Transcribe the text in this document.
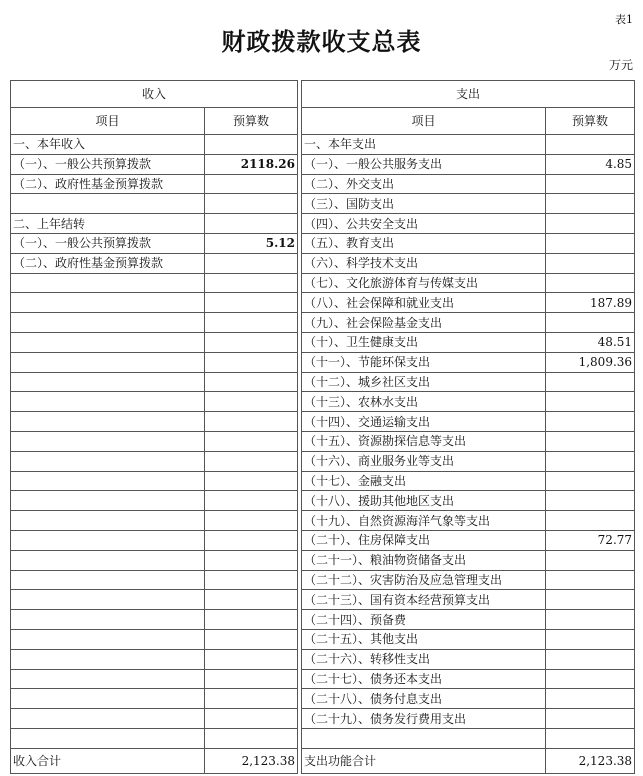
表1
财政拨款收支总表
万元
收入			支出	
项目	预算数		项目	预算数
一、本年收入			一、本年支出	
（一）、一般公共预算拨款	2118.26		（一）、一般公共服务支出	4.85
（二）、政府性基金预算拨款			（二）、外交支出	
			（三）、国防支出	
二、上年结转			（四）、公共安全支出	
（一）、一般公共预算拨款	5.12		（五）、教育支出	
（二）、政府性基金预算拨款			（六）、科学技术支出	
			（七）、文化旅游体育与传媒支出	
			（八）、社会保障和就业支出	187.89
			（九）、社会保险基金支出	
			（十）、卫生健康支出	48.51
			（十一）、节能环保支出	1,809.36
			（十二）、城乡社区支出	
			（十三）、农林水支出	
			（十四）、交通运输支出	
			（十五）、资源勘探信息等支出	
			（十六）、商业服务业等支出	
			（十七）、金融支出	
			（十八）、援助其他地区支出	
			（十九）、自然资源海洋气象等支出	
			（二十）、住房保障支出	72.77
			（二十一）、粮油物资储备支出	
			（二十二）、灾害防治及应急管理支出	
			（二十三）、国有资本经营预算支出	
			（二十四）、预备费	
			（二十五）、其他支出	
			（二十六）、转移性支出	
			（二十七）、债务还本支出	
			（二十八）、债务付息支出	
			（二十九）、债务发行费用支出	

收入合计	2,123.38		支出功能合计	2,123.38
